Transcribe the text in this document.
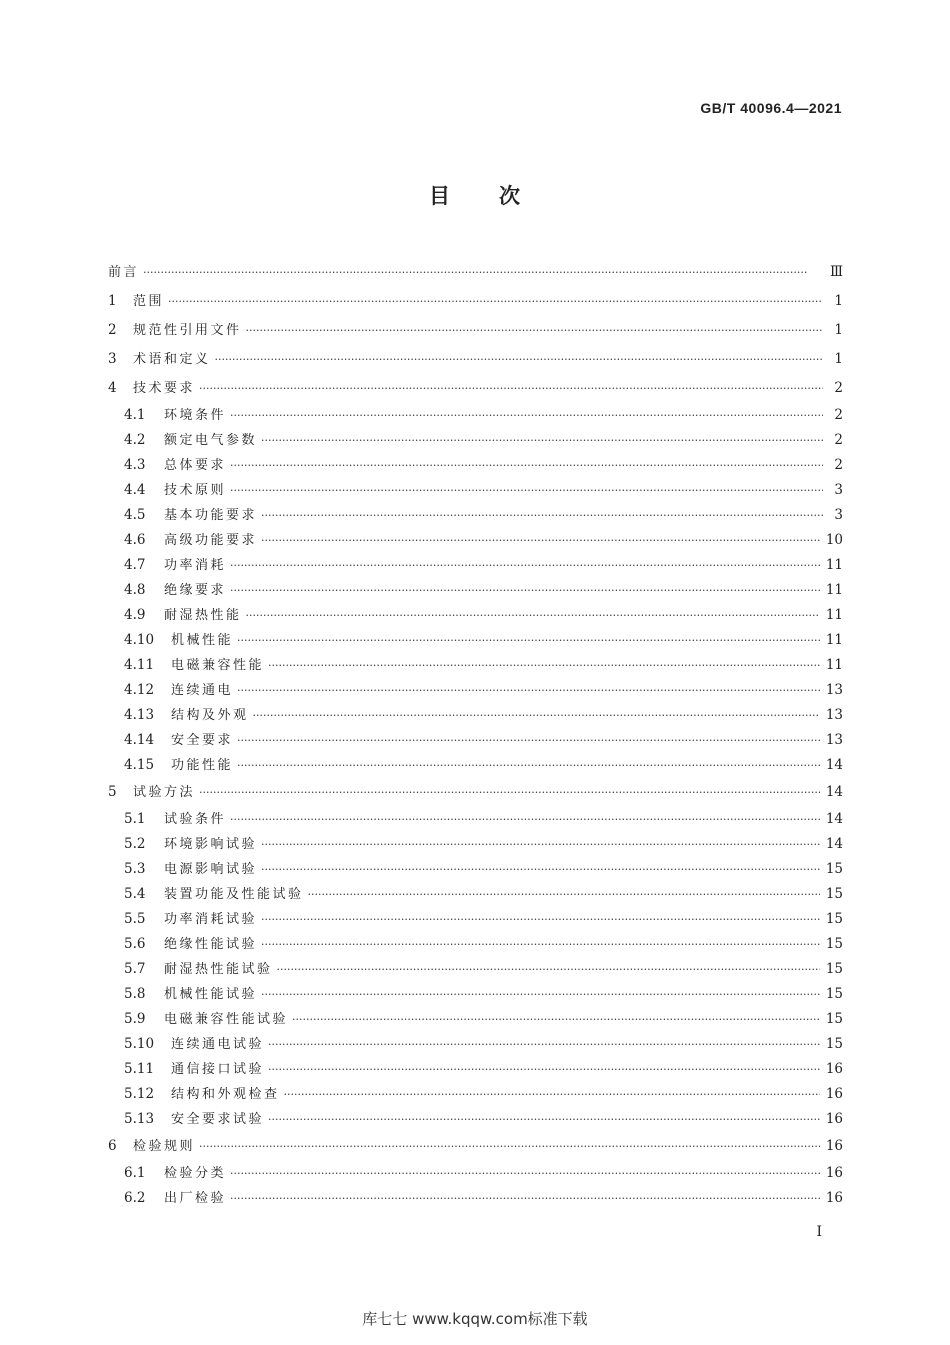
GB/T 40096.4—2021
目 次
前言 ·····	Ⅲ
1	范围 ·····	1
2	规范性引用文件 ·····	1
3	术语和定义 ·····	1
4	技术要求 ·····	2
4.1	环境条件 ·····	2
4.2	额定电气参数 ·····	2
4.3	总体要求 ·····	2
4.4	技术原则 ·····	3
4.5	基本功能要求 ·····	3
4.6	高级功能要求 ·····	10
4.7	功率消耗 ·····	11
4.8	绝缘要求 ·····	11
4.9	耐湿热性能 ·····	11
4.10	机械性能 ·····	11
4.11	电磁兼容性能 ·····	11
4.12	连续通电 ·····	13
4.13	结构及外观 ·····	13
4.14	安全要求 ·····	13
4.15	功能性能 ·····	14
5	试验方法 ·····	14
5.1	试验条件 ·····	14
5.2	环境影响试验 ·····	14
5.3	电源影响试验 ·····	15
5.4	装置功能及性能试验 ·····	15
5.5	功率消耗试验 ·····	15
5.6	绝缘性能试验 ·····	15
5.7	耐湿热性能试验 ·····	15
5.8	机械性能试验 ·····	15
5.9	电磁兼容性能试验 ·····	15
5.10	连续通电试验 ·····	15
5.11	通信接口试验 ·····	16
5.12	结构和外观检查 ·····	16
5.13	安全要求试验 ·····	16
6	检验规则 ·····	16
6.1	检验分类 ·····	16
6.2	出厂检验 ·····	16
I
库七七 www.kqqw.com标准下载
